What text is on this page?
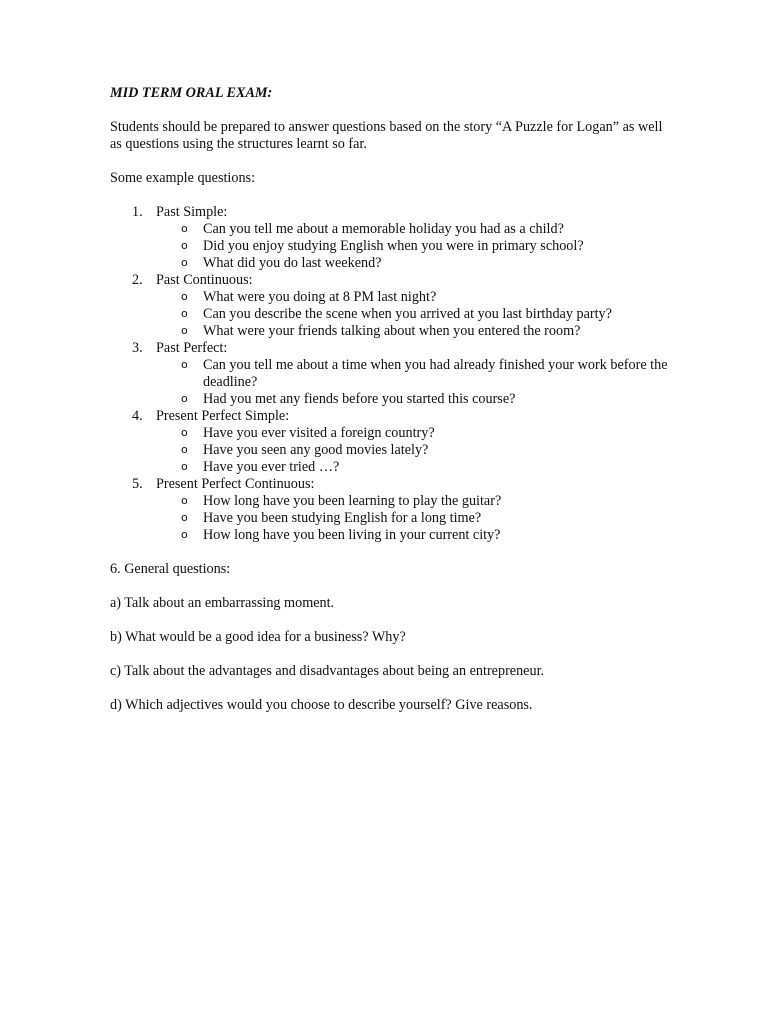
MID TERM ORAL EXAM:

Students should be prepared to answer questions based on the story “A Puzzle for Logan” as well as questions using the structures learnt so far.

Some example questions:

1. Past Simple:
o Can you tell me about a memorable holiday you had as a child?
o Did you enjoy studying English when you were in primary school?
o What did you do last weekend?
2. Past Continuous:
o What were you doing at 8 PM last night?
o Can you describe the scene when you arrived at you last birthday party?
o What were your friends talking about when you entered the room?
3. Past Perfect:
o Can you tell me about a time when you had already finished your work before the deadline?
o Had you met any fiends before you started this course?
4. Present Perfect Simple:
o Have you ever visited a foreign country?
o Have you seen any good movies lately?
o Have you ever tried …?
5. Present Perfect Continuous:
o How long have you been learning to play the guitar?
o Have you been studying English for a long time?
o How long have you been living in your current city?

6. General questions:

a) Talk about an embarrassing moment.

b) What would be a good idea for a business? Why?

c) Talk about the advantages and disadvantages about being an entrepreneur.

d) Which adjectives would you choose to describe yourself? Give reasons.
